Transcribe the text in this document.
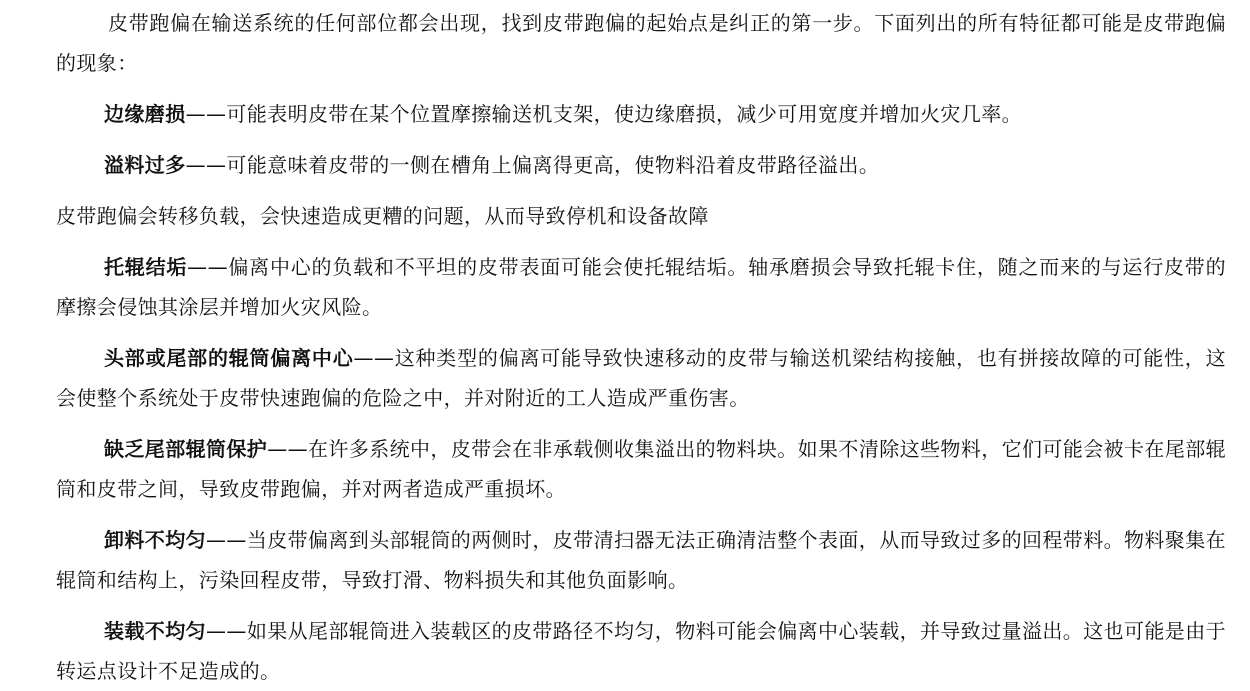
皮带跑偏在输送系统的任何部位都会出现，找到皮带跑偏的起始点是纠正的第一步。下面列出的所有特征都可能是皮带跑偏的现象：

边缘磨损——可能表明皮带在某个位置摩擦输送机支架，使边缘磨损，减少可用宽度并增加火灾几率。

溢料过多——可能意味着皮带的一侧在槽角上偏离得更高，使物料沿着皮带路径溢出。

皮带跑偏会转移负载，会快速造成更糟的问题，从而导致停机和设备故障

托辊结垢——偏离中心的负载和不平坦的皮带表面可能会使托辊结垢。轴承磨损会导致托辊卡住，随之而来的与运行皮带的摩擦会侵蚀其涂层并增加火灾风险。

头部或尾部的辊筒偏离中心——这种类型的偏离可能导致快速移动的皮带与输送机梁结构接触，也有拼接故障的可能性，这会使整个系统处于皮带快速跑偏的危险之中，并对附近的工人造成严重伤害。

缺乏尾部辊筒保护——在许多系统中，皮带会在非承载侧收集溢出的物料块。如果不清除这些物料，它们可能会被卡在尾部辊筒和皮带之间，导致皮带跑偏，并对两者造成严重损坏。

卸料不均匀——当皮带偏离到头部辊筒的两侧时，皮带清扫器无法正确清洁整个表面，从而导致过多的回程带料。物料聚集在辊筒和结构上，污染回程皮带，导致打滑、物料损失和其他负面影响。

装载不均匀——如果从尾部辊筒进入装载区的皮带路径不均匀，物料可能会偏离中心装载，并导致过量溢出。这也可能是由于转运点设计不足造成的。
